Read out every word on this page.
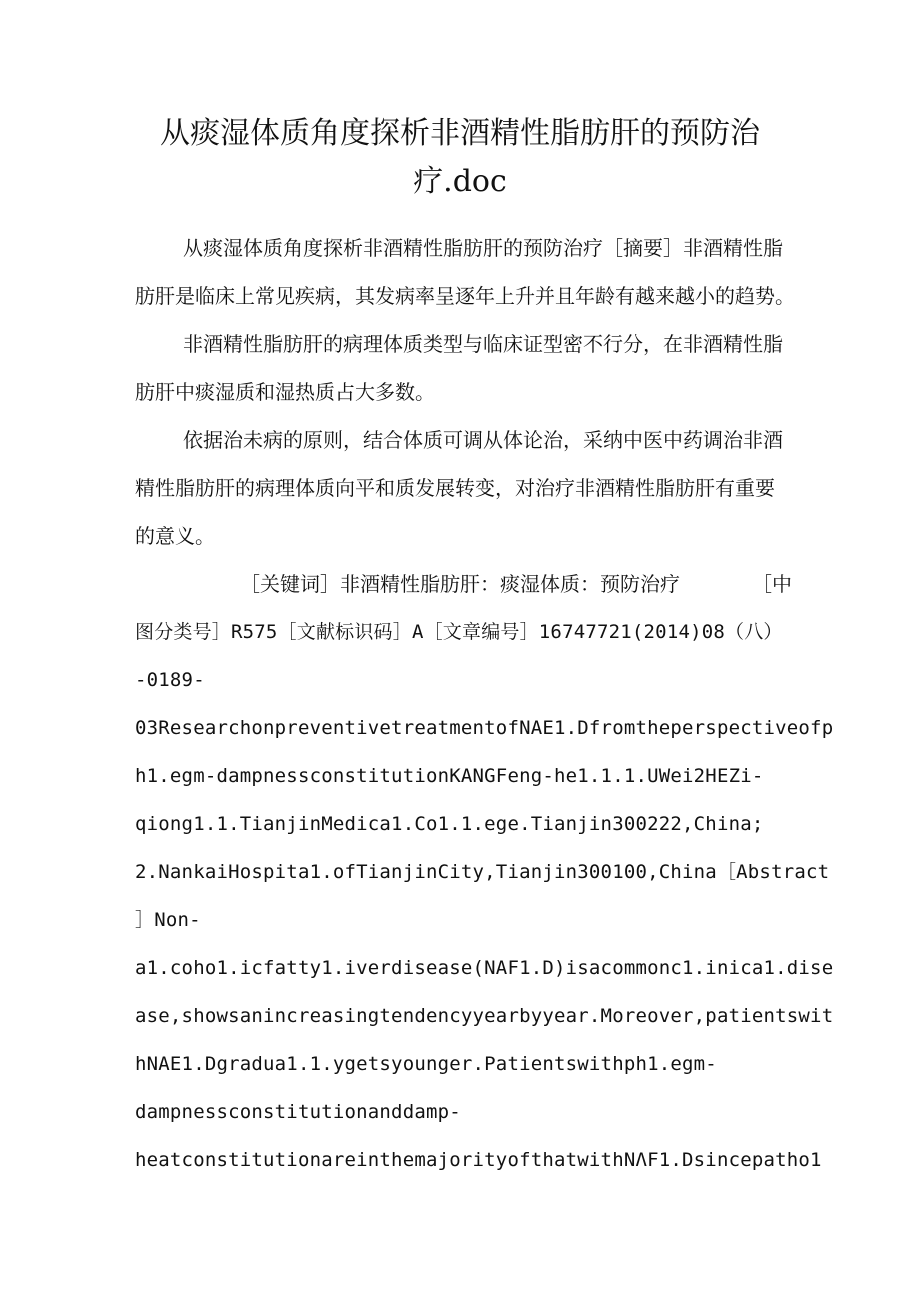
从痰湿体质角度探析非酒精性脂肪肝的预防治
疗.doc
从痰湿体质角度探析非酒精性脂肪肝的预防治疗［摘要］非酒精性脂
肪肝是临床上常见疾病，其发病率呈逐年上升并且年龄有越来越小的趋势。
非酒精性脂肪肝的病理体质类型与临床证型密不行分，在非酒精性脂
肪肝中痰湿质和湿热质占大多数。
依据治未病的原则，结合体质可调从体论治，采纳中医中药调治非酒
精性脂肪肝的病理体质向平和质发展转变，对治疗非酒精性脂肪肝有重要
的意义。
［关键词］非酒精性脂肪肝：痰湿体质：预防治疗	［中
图分类号］R575［文献标识码］A［文章编号］16747721(2014)08（八）
-0189-
03ResearchonpreventivetreatmentofNAE1.Dfromtheperspectiveofp
h1.egm-dampnessconstitutionKANGFeng-he1.1.1.UWei2HEZi-
qiong1.1.TianjinMedica1.Co1.1.ege.Tianjin300222,China;
2.NankaiHospita1.ofTianjinCity,Tianjin300100,China［Abstract
］Non-
a1.coho1.icfatty1.iverdisease(NAF1.D)isacommonc1.inica1.dise
ase,showsanincreasingtendencyyearbyyear.Moreover,patientswit
hNAE1.Dgradua1.1.ygetsyounger.Patientswithph1.egm-
dampnessconstitutionanddamp-
heatconstitutionareinthemajorityofthatwithNΛF1.Dsincepatho1
